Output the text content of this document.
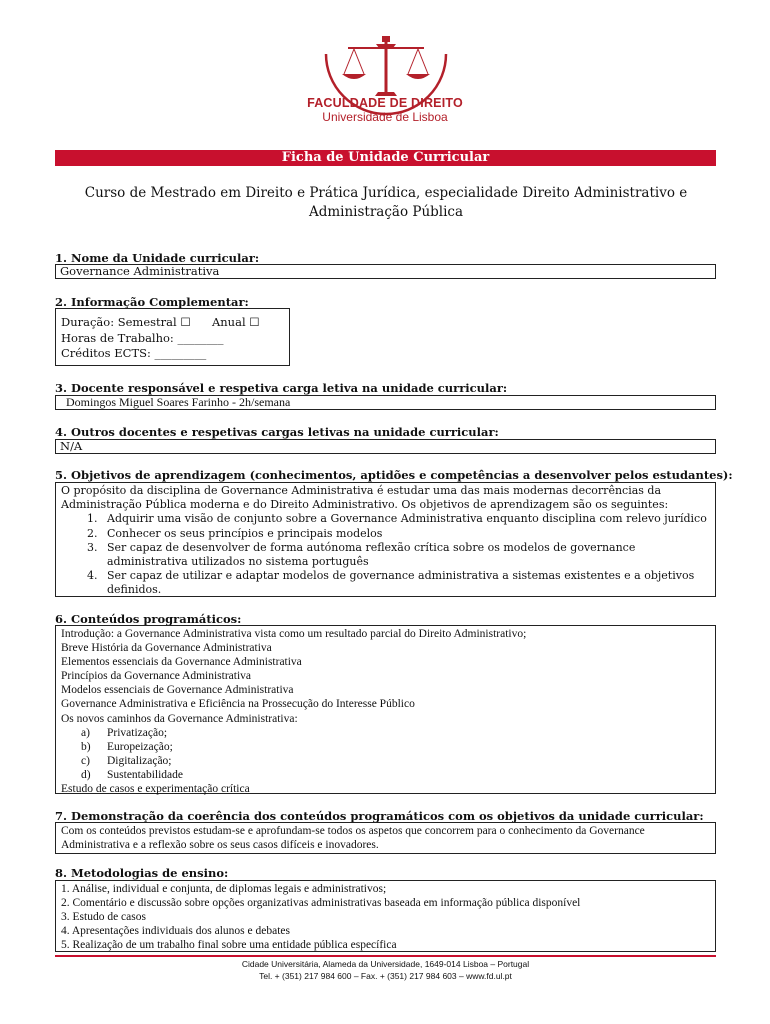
FACULDADE DE DIREITO
Universidade de Lisboa
Ficha de Unidade Curricular
Curso de Mestrado em Direito e Prática Jurídica, especialidade Direito Administrativo e Administração Pública
1. Nome da Unidade curricular:
Governance Administrativa
2. Informação Complementar:
Duração: Semestral ☐ Anual ☐
Horas de Trabalho: ________
Créditos ECTS: _________
3. Docente responsável e respetiva carga letiva na unidade curricular:
Domingos Miguel Soares Farinho - 2h/semana
4. Outros docentes e respetivas cargas letivas na unidade curricular:
N/A
5. Objetivos de aprendizagem (conhecimentos, aptidões e competências a desenvolver pelos estudantes):
O propósito da disciplina de Governance Administrativa é estudar uma das mais modernas decorrências da Administração Pública moderna e do Direito Administrativo. Os objetivos de aprendizagem são os seguintes:
1. Adquirir uma visão de conjunto sobre a Governance Administrativa enquanto disciplina com relevo jurídico
2. Conhecer os seus princípios e principais modelos
3. Ser capaz de desenvolver de forma autónoma reflexão crítica sobre os modelos de governance administrativa utilizados no sistema português
4. Ser capaz de utilizar e adaptar modelos de governance administrativa a sistemas existentes e a objetivos definidos.
6. Conteúdos programáticos:
Introdução: a Governance Administrativa vista como um resultado parcial do Direito Administrativo;
Breve História da Governance Administrativa
Elementos essenciais da Governance Administrativa
Princípios da Governance Administrativa
Modelos essenciais de Governance Administrativa
Governance Administrativa e Eficiência na Prossecução do Interesse Público
Os novos caminhos da Governance Administrativa:
a) Privatização;
b) Europeização;
c) Digitalização;
d) Sustentabilidade
Estudo de casos e experimentação crítica
7. Demonstração da coerência dos conteúdos programáticos com os objetivos da unidade curricular:
Com os conteúdos previstos estudam-se e aprofundam-se todos os aspetos que concorrem para o conhecimento da Governance Administrativa e a reflexão sobre os seus casos difíceis e inovadores.
8. Metodologias de ensino:
1. Análise, individual e conjunta, de diplomas legais e administrativos;
2. Comentário e discussão sobre opções organizativas administrativas baseada em informação pública disponível
3. Estudo de casos
4. Apresentações individuais dos alunos e debates
5. Realização de um trabalho final sobre uma entidade pública específica
Cidade Universitária, Alameda da Universidade, 1649-014 Lisboa – Portugal
Tel. + (351) 217 984 600 – Fax. + (351) 217 984 603 – www.fd.ul.pt
